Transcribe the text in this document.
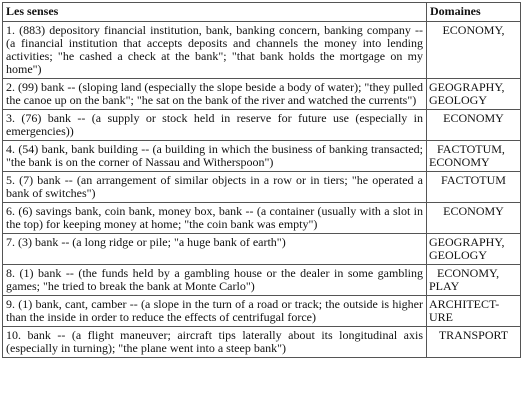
Les senses	Domaines
1. (883) depository financial institution, bank, banking concern, banking company -- (a financial institution that accepts deposits and channels the money into lending activities; "he cashed a check at the bank"; "that bank holds the mortgage on my home")	ECONOMY,

2. (99) bank -- (sloping land (especially the slope beside a body of water); "they pulled the canoe up on the bank"; "he sat on the bank of the river and watched the currents")	GEOGRAPHY,
GEOLOGY

3. (76) bank -- (a supply or stock held in reserve for future use (especially in emergencies))	ECONOMY

4. (54) bank, bank building -- (a building in which the business of banking transacted; "the bank is on the corner of Nassau and Witherspoon")	FACTOTUM,
ECONOMY

5. (7) bank -- (an arrangement of similar objects in a row or in tiers; "he operated a bank of switches")	FACTOTUM

6. (6) savings bank, coin bank, money box, bank -- (a container (usually with a slot in the top) for keeping money at home; "the coin bank was empty")	ECONOMY

7. (3) bank -- (a long ridge or pile; "a huge bank of earth")	GEOGRAPHY,
GEOLOGY

8. (1) bank -- (the funds held by a gambling house or the dealer in some gambling games; "he tried to break the bank at Monte Carlo")	ECONOMY,
PLAY

9. (1) bank, cant, camber -- (a slope in the turn of a road or track; the outside is higher than the inside in order to reduce the effects of centrifugal force)	ARCHITECT-
URE

10. bank -- (a flight maneuver; aircraft tips laterally about its longitudinal axis (especially in turning); "the plane went into a steep bank")	TRANSPORT
